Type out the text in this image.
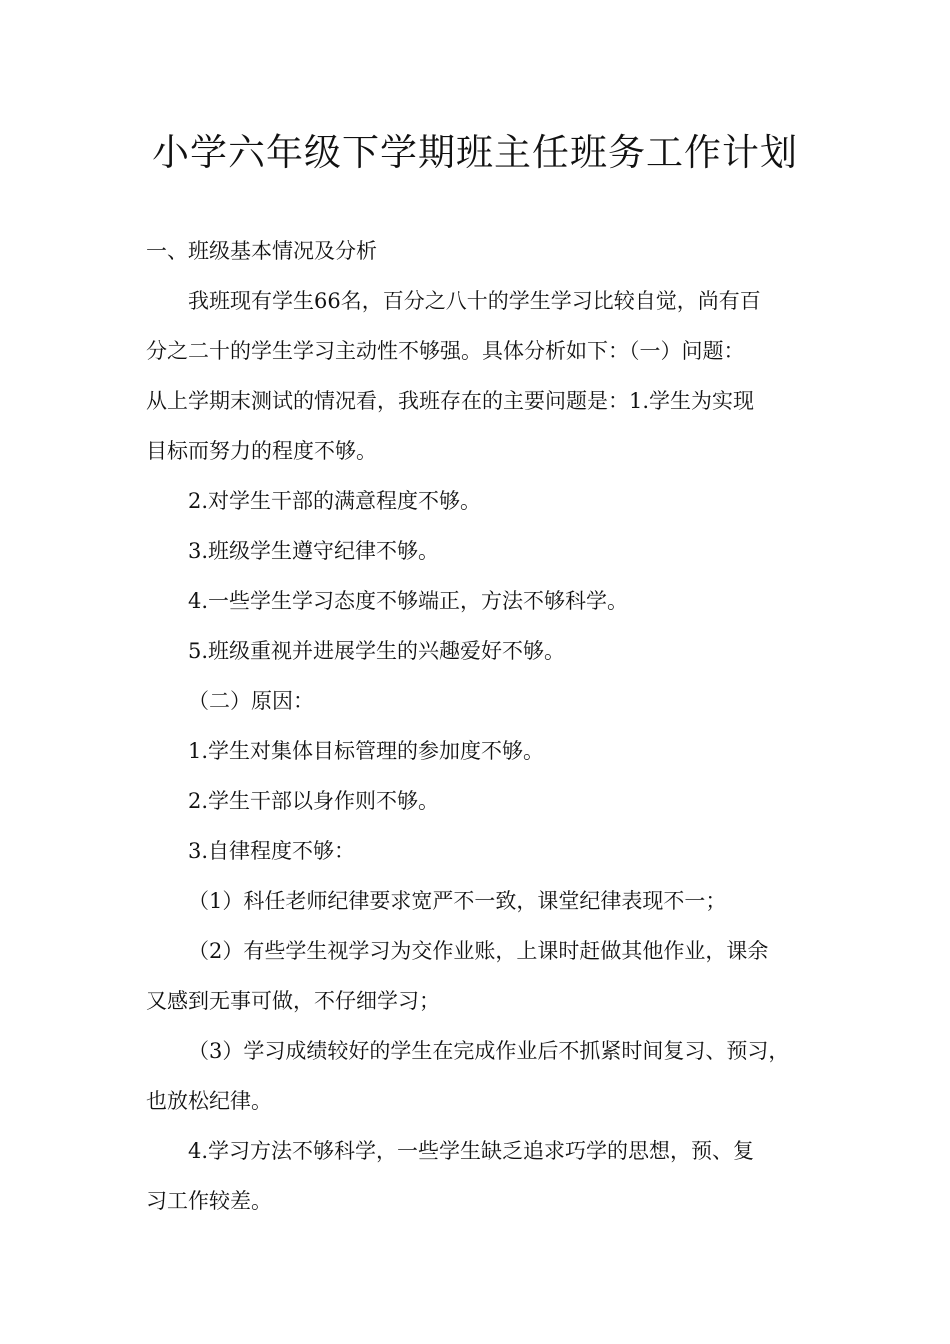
小学六年级下学期班主任班务工作计划

一、班级基本情况及分析

我班现有学生66名，百分之八十的学生学习比较自觉，尚有百
分之二十的学生学习主动性不够强。具体分析如下：（一）问题：
从上学期末测试的情况看，我班存在的主要问题是：1.学生为实现
目标而努力的程度不够。

2.对学生干部的满意程度不够。
3.班级学生遵守纪律不够。
4.一些学生学习态度不够端正，方法不够科学。
5.班级重视并进展学生的兴趣爱好不够。

（二）原因：

1.学生对集体目标管理的参加度不够。
2.学生干部以身作则不够。
3.自律程度不够：

（1）科任老师纪律要求宽严不一致，课堂纪律表现不一；

（2）有些学生视学习为交作业账，上课时赶做其他作业，课余
又感到无事可做，不仔细学习；

（3）学习成绩较好的学生在完成作业后不抓紧时间复习、预习，
也放松纪律。

4.学习方法不够科学，一些学生缺乏追求巧学的思想，预、复
习工作较差。
